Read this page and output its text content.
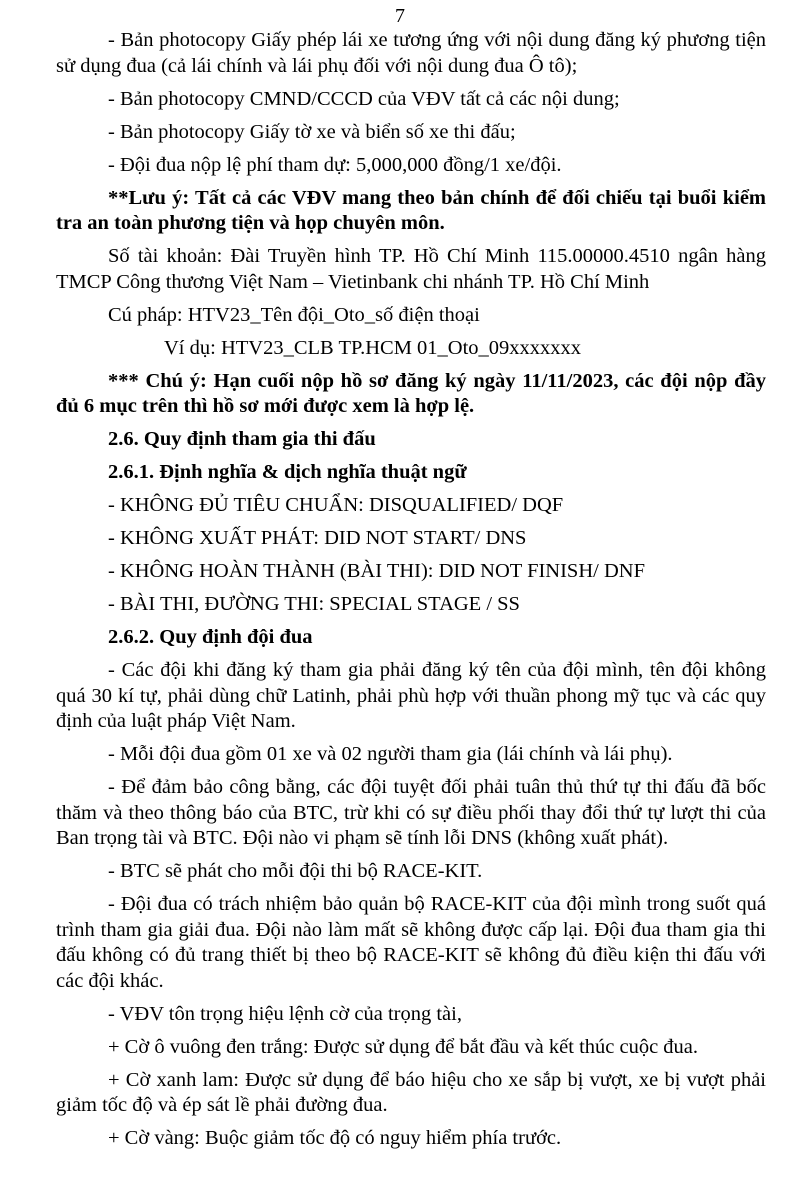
7

- Bản photocopy Giấy phép lái xe tương ứng với nội dung đăng ký phương tiện sử dụng đua (cả lái chính và lái phụ đối với nội dung đua Ô tô);

- Bản photocopy CMND/CCCD của VĐV tất cả các nội dung;

- Bản photocopy Giấy tờ xe và biển số xe thi đấu;

- Đội đua nộp lệ phí tham dự: 5,000,000 đồng/1 xe/đội.

**Lưu ý: Tất cả các VĐV mang theo bản chính để đối chiếu tại buổi kiểm tra an toàn phương tiện và họp chuyên môn.

Số tài khoản: Đài Truyền hình TP. Hồ Chí Minh 115.00000.4510 ngân hàng TMCP Công thương Việt Nam – Vietinbank chi nhánh TP. Hồ Chí Minh

Cú pháp: HTV23_Tên đội_Oto_số điện thoại

Ví dụ: HTV23_CLB TP.HCM 01_Oto_09xxxxxxx

*** Chú ý: Hạn cuối nộp hồ sơ đăng ký ngày 11/11/2023, các đội nộp đầy đủ 6 mục trên thì hồ sơ mới được xem là hợp lệ.

2.6. Quy định tham gia thi đấu

2.6.1. Định nghĩa & dịch nghĩa thuật ngữ

- KHÔNG ĐỦ TIÊU CHUẨN: DISQUALIFIED/ DQF

- KHÔNG XUẤT PHÁT: DID NOT START/ DNS

- KHÔNG HOÀN THÀNH (BÀI THI): DID NOT FINISH/ DNF

- BÀI THI, ĐƯỜNG THI: SPECIAL STAGE / SS

2.6.2. Quy định đội đua

- Các đội khi đăng ký tham gia phải đăng ký tên của đội mình, tên đội không quá 30 kí tự, phải dùng chữ Latinh, phải phù hợp với thuần phong mỹ tục và các quy định của luật pháp Việt Nam.

- Mỗi đội đua gồm 01 xe và 02 người tham gia (lái chính và lái phụ).

- Để đảm bảo công bằng, các đội tuyệt đối phải tuân thủ thứ tự thi đấu đã bốc thăm và theo thông báo của BTC, trừ khi có sự điều phối thay đổi thứ tự lượt thi của Ban trọng tài và BTC. Đội nào vi phạm sẽ tính lỗi DNS (không xuất phát).

- BTC sẽ phát cho mỗi đội thi bộ RACE-KIT.

- Đội đua có trách nhiệm bảo quản bộ RACE-KIT của đội mình trong suốt quá trình tham gia giải đua. Đội nào làm mất sẽ không được cấp lại. Đội đua tham gia thi đấu không có đủ trang thiết bị theo bộ RACE-KIT sẽ không đủ điều kiện thi đấu với các đội khác.

- VĐV tôn trọng hiệu lệnh cờ của trọng tài,

+ Cờ ô vuông đen trắng: Được sử dụng để bắt đầu và kết thúc cuộc đua.

+ Cờ xanh lam: Được sử dụng để báo hiệu cho xe sắp bị vượt, xe bị vượt phải giảm tốc độ và ép sát lề phải đường đua.

+ Cờ vàng: Buộc giảm tốc độ có nguy hiểm phía trước.
